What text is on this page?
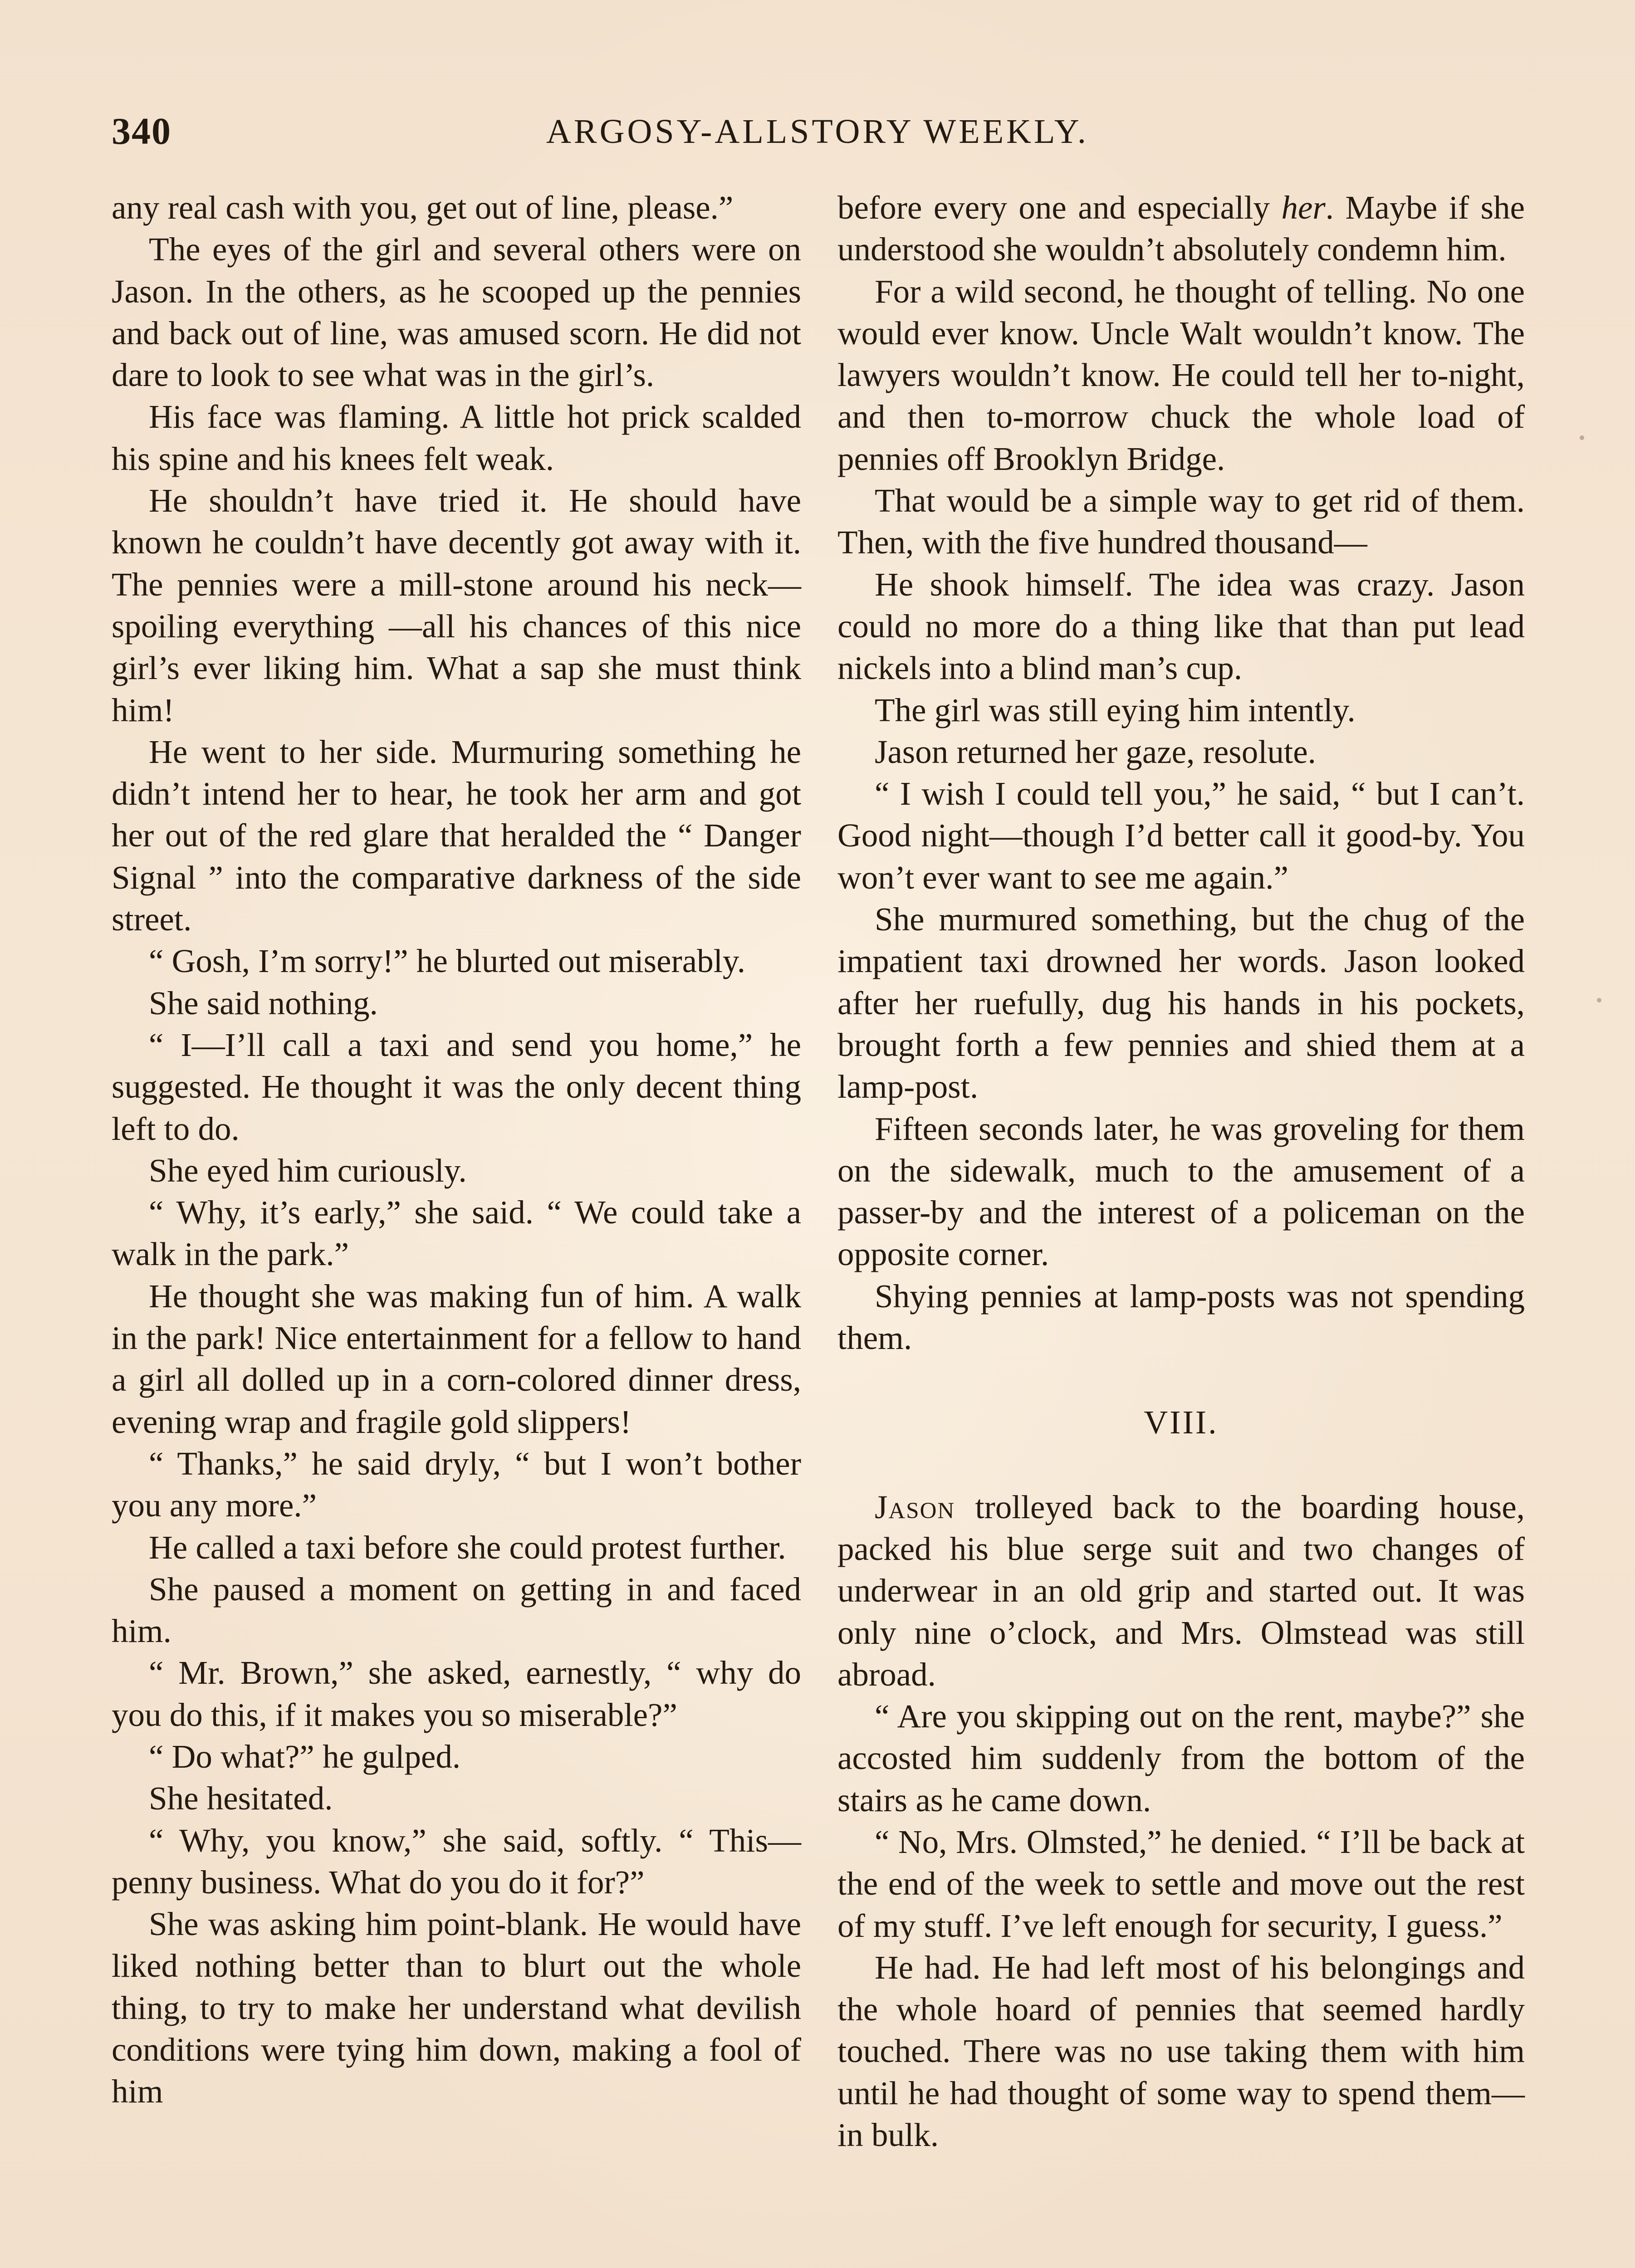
340	ARGOSY-ALLSTORY WEEKLY.

any real cash with you, get out of line, please.”

The eyes of the girl and several others were on Jason. In the others, as he scooped up the pennies and back out of line, was amused scorn. He did not dare to look to see what was in the girl’s.

His face was flaming. A little hot prick scalded his spine and his knees felt weak.

He shouldn’t have tried it. He should have known he couldn’t have decently got away with it. The pennies were a mill-stone around his neck—spoiling everything —all his chances of this nice girl’s ever liking him. What a sap she must think him!

He went to her side. Murmuring something he didn’t intend her to hear, he took her arm and got her out of the red glare that heralded the “ Danger Signal ” into the comparative darkness of the side street.

“ Gosh, I’m sorry!” he blurted out miserably.

She said nothing.

“ I—I’ll call a taxi and send you home,” he suggested. He thought it was the only decent thing left to do.

She eyed him curiously.

“ Why, it’s early,” she said. “ We could take a walk in the park.”

He thought she was making fun of him. A walk in the park! Nice entertainment for a fellow to hand a girl all dolled up in a corn-colored dinner dress, evening wrap and fragile gold slippers!

“ Thanks,” he said dryly, “ but I won’t bother you any more.”

He called a taxi before she could protest further.

She paused a moment on getting in and faced him.

“ Mr. Brown,” she asked, earnestly, “ why do you do this, if it makes you so miserable?”

“ Do what?” he gulped.

She hesitated.

“ Why, you know,” she said, softly. “ This—penny business. What do you do it for?”

She was asking him point-blank. He would have liked nothing better than to blurt out the whole thing, to try to make her understand what devilish conditions were tying him down, making a fool of him

before every one and especially her. Maybe if she understood she wouldn’t absolutely condemn him.

For a wild second, he thought of telling. No one would ever know. Uncle Walt wouldn’t know. The lawyers wouldn’t know. He could tell her to-night, and then to-morrow chuck the whole load of pennies off Brooklyn Bridge.

That would be a simple way to get rid of them. Then, with the five hundred thousand—

He shook himself. The idea was crazy. Jason could no more do a thing like that than put lead nickels into a blind man’s cup.

The girl was still eying him intently.

Jason returned her gaze, resolute.

“ I wish I could tell you,” he said, “ but I can’t. Good night—though I’d better call it good-by. You won’t ever want to see me again.”

She murmured something, but the chug of the impatient taxi drowned her words. Jason looked after her ruefully, dug his hands in his pockets, brought forth a few pennies and shied them at a lamp-post.

Fifteen seconds later, he was groveling for them on the sidewalk, much to the amusement of a passer-by and the interest of a policeman on the opposite corner.

Shying pennies at lamp-posts was not spending them.

VIII.

Jason trolleyed back to the boarding house, packed his blue serge suit and two changes of underwear in an old grip and started out. It was only nine o’clock, and Mrs. Olmstead was still abroad.

“ Are you skipping out on the rent, maybe?” she accosted him suddenly from the bottom of the stairs as he came down.

“ No, Mrs. Olmsted,” he denied. “ I’ll be back at the end of the week to settle and move out the rest of my stuff. I’ve left enough for security, I guess.”

He had. He had left most of his belongings and the whole hoard of pennies that seemed hardly touched. There was no use taking them with him until he had thought of some way to spend them—in bulk.
